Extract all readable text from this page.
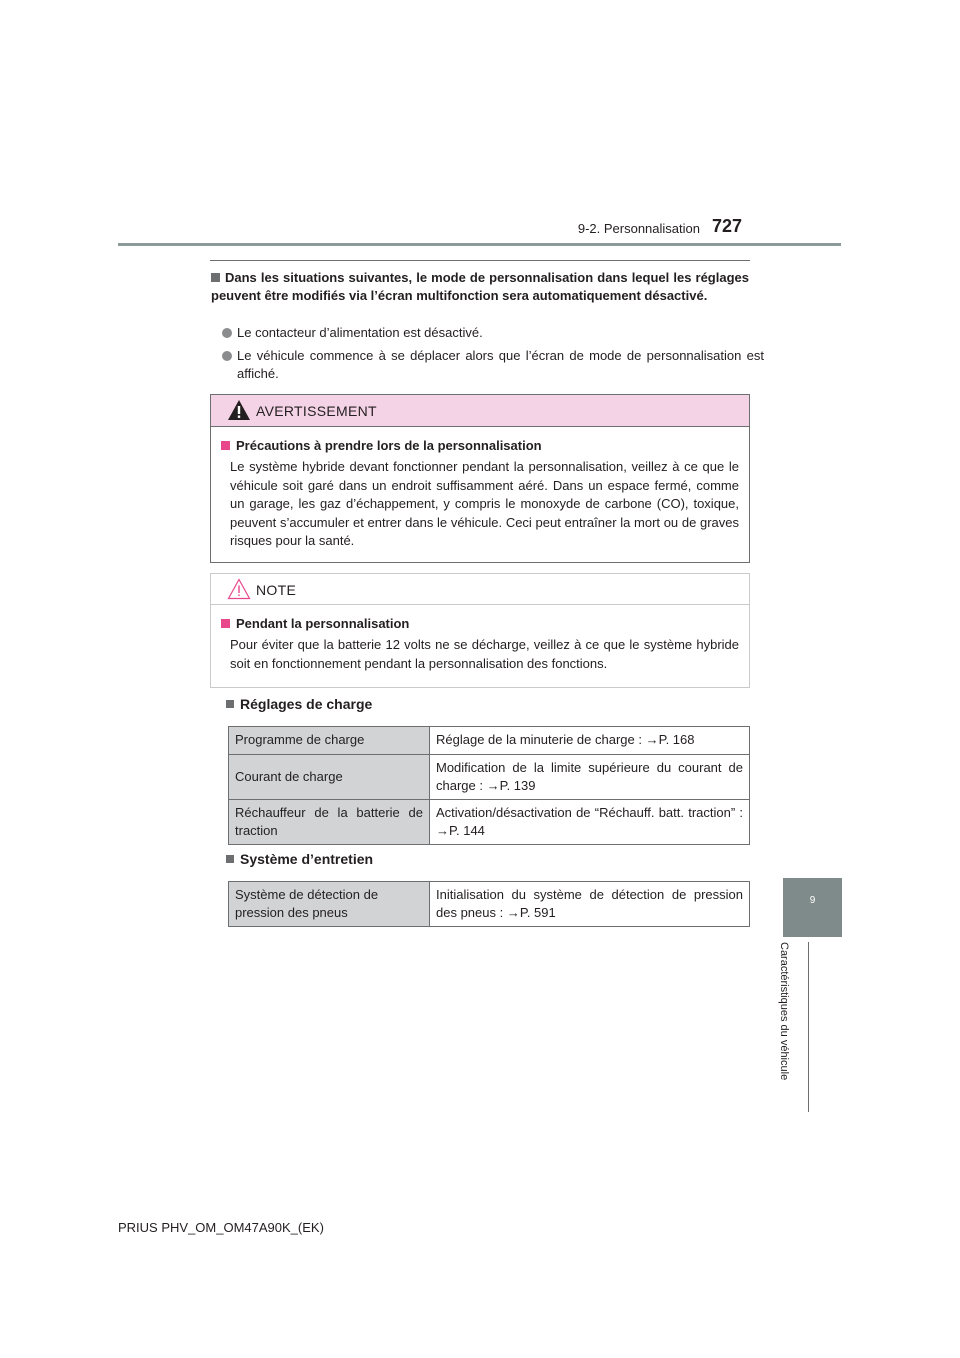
9-2. Personnalisation 727
Dans les situations suivantes, le mode de personnalisation dans lequel les réglages peuvent être modifiés via l’écran multifonction sera automatiquement désactivé.
Le contacteur d’alimentation est désactivé.
Le véhicule commence à se déplacer alors que l’écran de mode de personnalisation est affiché.
AVERTISSEMENT
Précautions à prendre lors de la personnalisation
Le système hybride devant fonctionner pendant la personnalisation, veillez à ce que le véhicule soit garé dans un endroit suffisamment aéré. Dans un espace fermé, comme un garage, les gaz d’échappement, y compris le monoxyde de carbone (CO), toxique, peuvent s’accumuler et entrer dans le véhicule. Ceci peut entraîner la mort ou de graves risques pour la santé.
NOTE
Pendant la personnalisation
Pour éviter que la batterie 12 volts ne se décharge, veillez à ce que le système hybride soit en fonctionnement pendant la personnalisation des fonctions.
Réglages de charge
Programme de charge	Réglage de la minuterie de charge : →P. 168
Courant de charge	Modification de la limite supérieure du courant de charge : →P. 139
Réchauffeur de la batterie de traction	Activation/désactivation de “Réchauff. batt. traction” : →P. 144
Système d’entretien
Système de détection de pression des pneus	Initialisation du système de détection de pression des pneus : →P. 591
9
Caractéristiques du véhicule
PRIUS PHV_OM_OM47A90K_(EK)
